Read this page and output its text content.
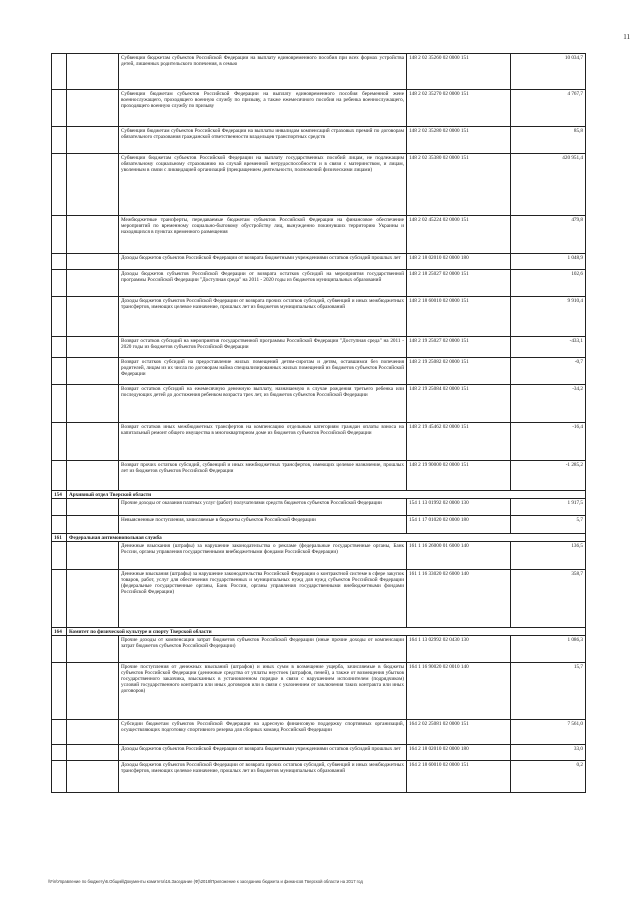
11
		Субвенции бюджетам субъектов Российской Федерации на выплату единовременного пособия при всех формах устройства детей, лишенных родительского попечения, в семью	148 2 02 35260 02 0000 151	10 034,7
		Субвенции бюджетам субъектов Российской Федерации на выплату единовременного пособия беременной жене военнослужащего, проходящего военную службу по призыву, а также ежемесячного пособия на ребенка военнослужащего, проходящего военную службу по призыву	148 2 02 35270 02 0000 151	4 767,7
		Субвенции бюджетам субъектов Российской Федерации на выплаты инвалидам компенсаций страховых премий по договорам обязательного страхования гражданской ответственности владельцев транспортных средств	148 2 02 35280 02 0000 151	85,8
		Субвенции бюджетам субъектов Российской Федерации на выплату государственных пособий лицам, не подлежащим обязательному социальному страхованию на случай временной нетрудоспособности и в связи с материнством, и лицам, уволенным в связи с ликвидацией организаций (прекращением деятельности, полномочий физическими лицами)	148 2 02 35380 02 0000 151	420 951,4
		Межбюджетные трансферты, передаваемые бюджетам субъектов Российской Федерации на финансовое обеспечение мероприятий по временному социально-бытовому обустройству лиц, вынужденно покинувших территорию Украины и находящихся в пунктах временного размещения	148 2 02 45224 02 0000 151	479,8
		Доходы бюджетов субъектов Российской Федерации от возврата бюджетными учреждениями остатков субсидий прошлых лет	148 2 18 02010 02 0000 180	1 048,9
		Доходы бюджетов субъектов Российской Федерации от возврата остатков субсидий на мероприятия государственной программы Российской Федерации "Доступная среда" на 2011 - 2020 годы из бюджетов муниципальных образований	148 2 18 25027 02 0000 151	102,6
		Доходы бюджетов субъектов Российской Федерации от возврата прочих остатков субсидий, субвенций и иных межбюджетных трансфертов, имеющих целевое назначение, прошлых лет из бюджетов муниципальных образований	148 2 18 60010 02 0000 151	9 910,4
		Возврат остатков субсидий на мероприятия государственной программы Российской Федерации "Доступная среда" на 2011 - 2020 годы из бюджетов субъектов Российской Федерации	148 2 19 25027 02 0000 151	-433,1
		Возврат остатков субсидий на предоставление жилых помещений детям-сиротам и детям, оставшимся без попечения родителей, лицам из их числа по договорам найма специализированных жилых помещений из бюджетов субъектов Российской Федерации	148 2 19 25082 02 0000 151	-0,7
		Возврат остатков субсидий на ежемесячную денежную выплату, назначаемую в случае рождения третьего ребенка или последующих детей до достижения ребенком возраста трех лет, из бюджетов субъектов Российской Федерации	148 2 19 25084 02 0000 151	-34,2
		Возврат остатков иных межбюджетных трансфертов на компенсацию отдельным категориям граждан оплаты взноса на капитальный ремонт общего имущества в многоквартирном доме из бюджетов субъектов Российской Федерации	148 2 19 45462 02 0000 151	-16,4
		Возврат прочих остатков субсидий, субвенций и иных межбюджетных трансфертов, имеющих целевое назначение, прошлых лет из бюджетов субъектов Российской Федерации	148 2 19 90000 02 0000 151	-1 285,2
154	Архивный отдел Тверской области			
		Прочие доходы от оказания платных услуг (работ) получателями средств бюджетов субъектов Российской Федерации	154 1 13 01992 02 0000 130	1 917,5
		Невыясненные поступления, зачисляемые в бюджеты субъектов Российской Федерации	154 1 17 01020 02 0000 180	5,7
161	Федеральная антимонопольная служба			
		Денежные взыскания (штрафы) за нарушение законодательства о рекламе (федеральные государственные органы, Банк России, органы управления государственными внебюджетными фондами Российской Федерации)	161 1 16 26000 01 6000 140	136,5
		Денежные взыскания (штрафы) за нарушение законодательства Российской Федерации о контрактной системе в сфере закупок товаров, работ, услуг для обеспечения государственных и муниципальных нужд для нужд субъектов Российской Федерации (федеральные государственные органы, Банк России, органы управления государственными внебюджетными фондами Российской Федерации)	161 1 16 33020 02 6000 140	358,7
164	Комитет по физической культуре и спорту Тверской области			
		Прочие доходы от компенсации затрат бюджетов субъектов Российской Федерации (иные прочие доходы от компенсации затрат бюджетов субъектов Российской Федерации)	164 1 13 02992 02 0430 130	1 086,3
		Прочие поступления от денежных взысканий (штрафов) и иных сумм в возмещение ущерба, зачисляемые в бюджеты субъектов Российской Федерации (денежные средства от уплаты неустоек (штрафов, пеней), а также от возмещения убытков государственного заказчика, взысканных в установленном порядке в связи с нарушением исполнителем (подрядчиком) условий государственного контракта или иных договоров или в связи с уклонением от заключения таких контракта или иных договоров)	164 1 16 90020 02 0010 140	15,7
		Субсидии бюджетам субъектов Российской Федерации на адресную финансовую поддержку спортивных организаций, осуществляющих подготовку спортивного резерва для сборных команд Российской Федерации	164 2 02 25081 02 0000 151	7 561,0
		Доходы бюджетов субъектов Российской Федерации от возврата бюджетными учреждениями остатков субсидий прошлых лет	164 2 18 02010 02 0000 180	33,0
		Доходы бюджетов субъектов Российской Федерации от возврата прочих остатков субсидий, субвенций и иных межбюджетных трансфертов, имеющих целевое назначение, прошлых лет из бюджетов муниципальных образований	164 2 18 60010 02 0000 151	0,2
\\Fin\Управление по бюджету\6.Общий\Документы комитета\16.Заседание (Ф)\2018\Приложение к заседанию бюджета и финансов Тверской области на 2017 год
